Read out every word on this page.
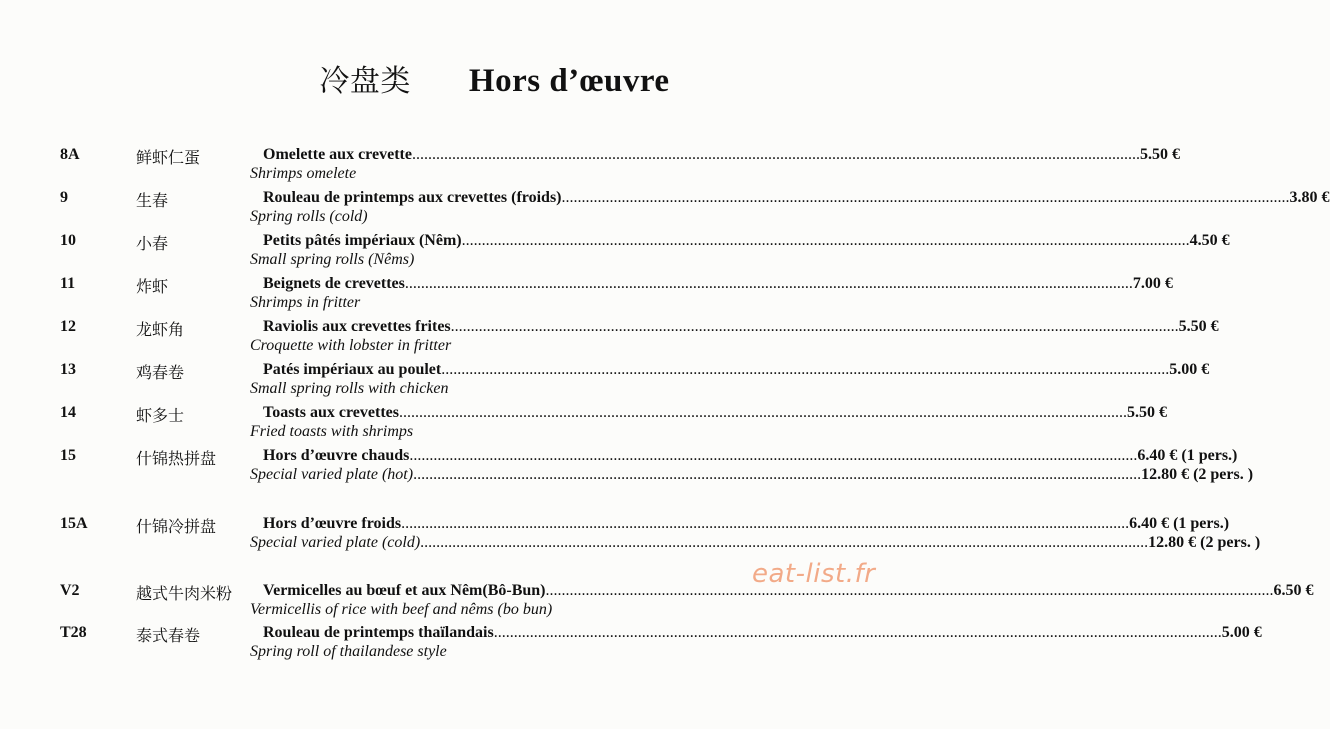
冷盘类 Hors d’œuvre
8A	鲜虾仁蛋	Omelette aux crevette ...................................................................................................................................................................................... 5.50 €
Shrimps omelete
9	生春	Rouleau de printemps aux crevettes (froids) ...................................................................................................................................................................................... 3.80 €
Spring rolls (cold)
10	小春	Petits pâtés impériaux (Nêm) ...................................................................................................................................................................................... 4.50 €
Small spring rolls (Nêms)
11	炸虾	Beignets de crevettes ...................................................................................................................................................................................... 7.00 €
Shrimps in fritter
12	龙虾角	Raviolis aux crevettes frites ...................................................................................................................................................................................... 5.50 €
Croquette with lobster in fritter
13	鸡春卷	Patés impériaux au poulet ...................................................................................................................................................................................... 5.00 €
Small spring rolls with chicken
14	虾多士	Toasts aux crevettes ...................................................................................................................................................................................... 5.50 €
Fried toasts with shrimps
15	什锦热拼盘	Hors d’œuvre chauds ...................................................................................................................................................................................... 6.40 € (1 pers.)
Special varied plate (hot) ...................................................................................................................................................................................... 12.80 € (2 pers. )
15A	什锦冷拼盘	Hors d’œuvre froids ...................................................................................................................................................................................... 6.40 € (1 pers.)
Special varied plate (cold) ...................................................................................................................................................................................... 12.80 € (2 pers. )
V2	越式牛肉米粉 Vermicelles au bœuf et aux Nêm(Bô-Bun) ...................................................................................................................................................................................... 6.50 €
Vermicellis of rice with beef and nêms (bo bun)
T28	泰式春卷	Rouleau de printemps thaïlandais ...................................................................................................................................................................................... 5.00 €
Spring roll of thailandese style
eat-list.fr
